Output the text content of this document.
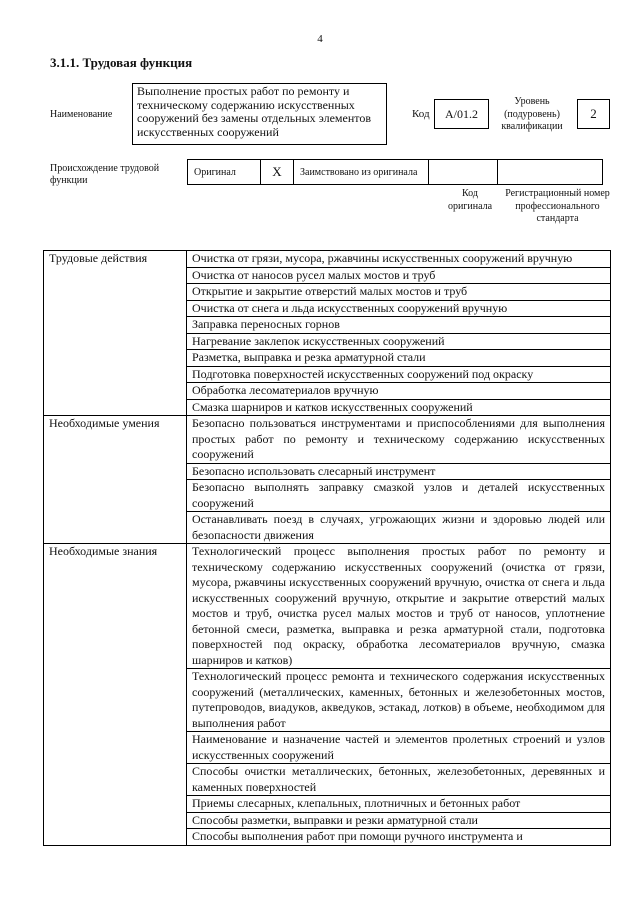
4
3.1.1. Трудовая функция
Наименование
Выполнение простых работ по ремонту и техническому содержанию искусственных сооружений без замены отдельных элементов искусственных сооружений
Код	А/01.2
Уровень (подуровень) квалификации
2
Происхождение трудовой функции
Оригинал	X	Заимствовано из оригинала		
Код оригинала
Регистрационный номер профессионального стандарта
Трудовые действия	Очистка от грязи, мусора, ржавчины искусственных сооружений вручную
	Очистка от наносов русел малых мостов и труб
	Открытие и закрытие отверстий малых мостов и труб
	Очистка от снега и льда искусственных сооружений вручную
	Заправка переносных горнов
	Нагревание заклепок искусственных сооружений
	Разметка, выправка и резка арматурной стали
	Подготовка поверхностей искусственных сооружений под окраску
	Обработка лесоматериалов вручную
	Смазка шарниров и катков искусственных сооружений
Необходимые умения	Безопасно пользоваться инструментами и приспособлениями для выполнения простых работ по ремонту и техническому содержанию искусственных сооружений
	Безопасно использовать слесарный инструмент
	Безопасно выполнять заправку смазкой узлов и деталей искусственных сооружений
	Останавливать поезд в случаях, угрожающих жизни и здоровью людей или безопасности движения
Необходимые знания	Технологический процесс выполнения простых работ по ремонту и техническому содержанию искусственных сооружений (очистка от грязи, мусора, ржавчины искусственных сооружений вручную, очистка от снега и льда искусственных сооружений вручную, открытие и закрытие отверстий малых мостов и труб, очистка русел малых мостов и труб от наносов, уплотнение бетонной смеси, разметка, выправка и резка арматурной стали, подготовка поверхностей под окраску, обработка лесоматериалов вручную, смазка шарниров и катков)
	Технологический процесс ремонта и технического содержания искусственных сооружений (металлических, каменных, бетонных и железобетонных мостов, путепроводов, виадуков, акведуков, эстакад, лотков) в объеме, необходимом для выполнения работ
	Наименование и назначение частей и элементов пролетных строений и узлов искусственных сооружений
	Способы очистки металлических, бетонных, железобетонных, деревянных и каменных поверхностей
	Приемы слесарных, клепальных, плотничных и бетонных работ
	Способы разметки, выправки и резки арматурной стали
	Способы выполнения работ при помощи ручного инструмента и
